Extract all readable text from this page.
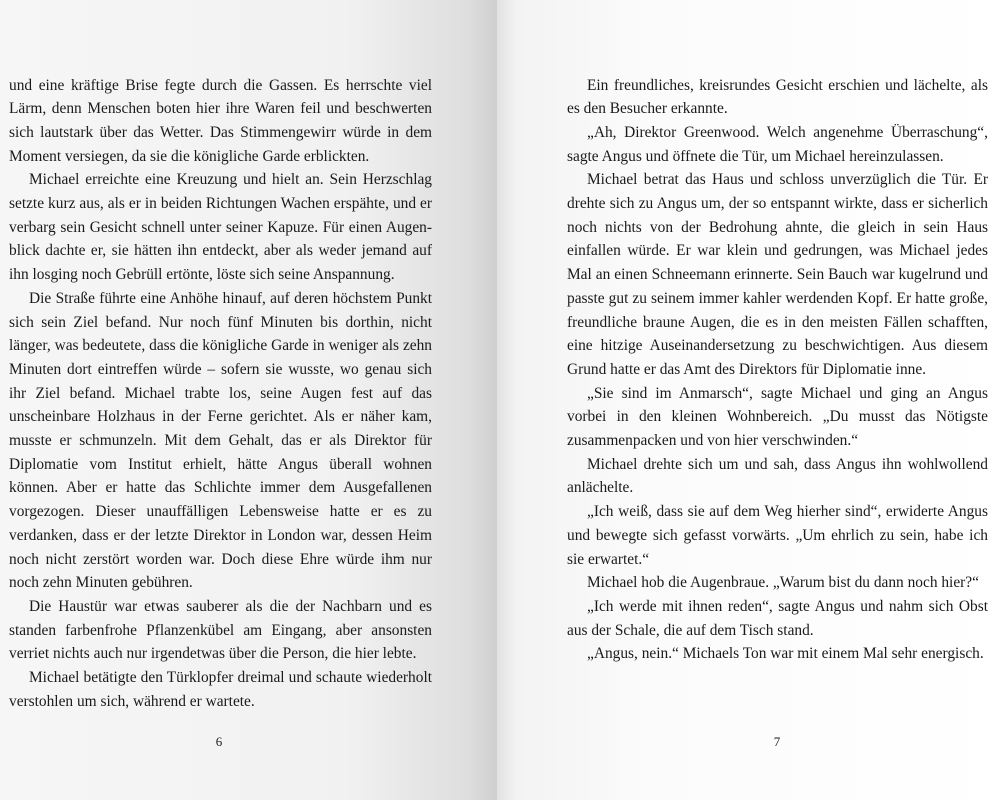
und eine kräftige Brise fegte durch die Gassen. Es herrschte viel Lärm, denn Menschen boten hier ihre Waren feil und beschwerten sich lautstark über das Wetter. Das Stimmengewirr würde in dem Moment versiegen, da sie die königliche Garde erblickten.

Michael erreichte eine Kreuzung und hielt an. Sein Herzschlag setzte kurz aus, als er in beiden Richtungen Wachen erspähte, und er verbarg sein Gesicht schnell unter seiner Kapuze. Für einen Augenblick dachte er, sie hätten ihn entdeckt, aber als weder jemand auf ihn losging noch Gebrüll ertönte, löste sich seine Anspannung.

Die Straße führte eine Anhöhe hinauf, auf deren höchstem Punkt sich sein Ziel befand. Nur noch fünf Minuten bis dorthin, nicht länger, was bedeutete, dass die königliche Garde in weniger als zehn Minuten dort eintreffen würde – sofern sie wusste, wo genau sich ihr Ziel befand. Michael trabte los, seine Augen fest auf das unscheinbare Holzhaus in der Ferne gerichtet. Als er näher kam, musste er schmunzeln. Mit dem Gehalt, das er als Direktor für Diplomatie vom Institut erhielt, hätte Angus überall wohnen können. Aber er hatte das Schlichte immer dem Ausgefallenen vorgezogen. Dieser unauffälligen Lebensweise hatte er es zu verdanken, dass er der letzte Direktor in London war, dessen Heim noch nicht zerstört worden war. Doch diese Ehre würde ihm nur noch zehn Minuten gebühren.

Die Haustür war etwas sauberer als die der Nachbarn und es standen farbenfrohe Pflanzenkübel am Eingang, aber ansonsten verriet nichts auch nur irgendetwas über die Person, die hier lebte.

Michael betätigte den Türklopfer dreimal und schaute wiederholt verstohlen um sich, während er wartete.

6

Ein freundliches, kreisrundes Gesicht erschien und lächelte, als es den Besucher erkannte.

„Ah, Direktor Greenwood. Welch angenehme Überraschung“, sagte Angus und öffnete die Tür, um Michael hereinzulassen.

Michael betrat das Haus und schloss unverzüglich die Tür. Er drehte sich zu Angus um, der so entspannt wirkte, dass er sicherlich noch nichts von der Bedrohung ahnte, die gleich in sein Haus einfallen würde. Er war klein und gedrungen, was Michael jedes Mal an einen Schneemann erinnerte. Sein Bauch war kugelrund und passte gut zu seinem immer kahler werdenden Kopf. Er hatte große, freundliche braune Augen, die es in den meisten Fällen schafften, eine hitzige Auseinandersetzung zu beschwichtigen. Aus diesem Grund hatte er das Amt des Direktors für Diplomatie inne.

„Sie sind im Anmarsch“, sagte Michael und ging an Angus vorbei in den kleinen Wohnbereich. „Du musst das Nötigste zusammenpacken und von hier verschwinden.“

Michael drehte sich um und sah, dass Angus ihn wohlwollend anlächelte.

„Ich weiß, dass sie auf dem Weg hierher sind“, erwiderte Angus und bewegte sich gefasst vorwärts. „Um ehrlich zu sein, habe ich sie erwartet.“

Michael hob die Augenbraue. „Warum bist du dann noch hier?“

„Ich werde mit ihnen reden“, sagte Angus und nahm sich Obst aus der Schale, die auf dem Tisch stand.

„Angus, nein.“ Michaels Ton war mit einem Mal sehr energisch.

7
